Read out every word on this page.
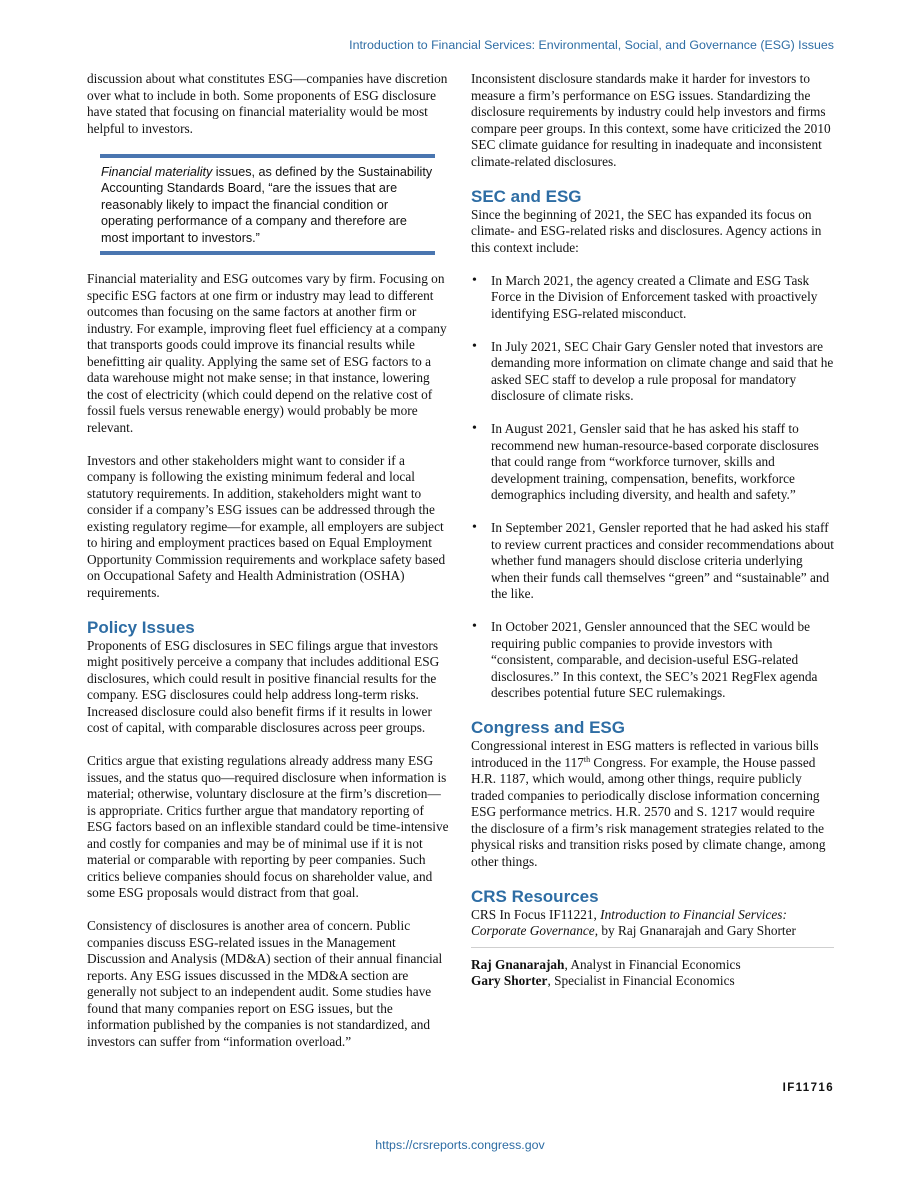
Introduction to Financial Services: Environmental, Social, and Governance (ESG) Issues

discussion about what constitutes ESG—companies have discretion over what to include in both. Some proponents of ESG disclosure have stated that focusing on financial materiality would be most helpful to investors.

Financial materiality issues, as defined by the Sustainability Accounting Standards Board, “are the issues that are reasonably likely to impact the financial condition or operating performance of a company and therefore are most important to investors.”

Financial materiality and ESG outcomes vary by firm. Focusing on specific ESG factors at one firm or industry may lead to different outcomes than focusing on the same factors at another firm or industry. For example, improving fleet fuel efficiency at a company that transports goods could improve its financial results while benefitting air quality. Applying the same set of ESG factors to a data warehouse might not make sense; in that instance, lowering the cost of electricity (which could depend on the relative cost of fossil fuels versus renewable energy) would probably be more relevant.

Investors and other stakeholders might want to consider if a company is following the existing minimum federal and local statutory requirements. In addition, stakeholders might want to consider if a company’s ESG issues can be addressed through the existing regulatory regime—for example, all employers are subject to hiring and employment practices based on Equal Employment Opportunity Commission requirements and workplace safety based on Occupational Safety and Health Administration (OSHA) requirements.

Policy Issues

Proponents of ESG disclosures in SEC filings argue that investors might positively perceive a company that includes additional ESG disclosures, which could result in positive financial results for the company. ESG disclosures could help address long-term risks. Increased disclosure could also benefit firms if it results in lower cost of capital, with comparable disclosures across peer groups.

Critics argue that existing regulations already address many ESG issues, and the status quo—required disclosure when information is material; otherwise, voluntary disclosure at the firm’s discretion—is appropriate. Critics further argue that mandatory reporting of ESG factors based on an inflexible standard could be time-intensive and costly for companies and may be of minimal use if it is not material or comparable with reporting by peer companies. Such critics believe companies should focus on shareholder value, and some ESG proposals would distract from that goal.

Consistency of disclosures is another area of concern. Public companies discuss ESG-related issues in the Management Discussion and Analysis (MD&A) section of their annual financial reports. Any ESG issues discussed in the MD&A section are generally not subject to an independent audit. Some studies have found that many companies report on ESG issues, but the information published by the companies is not standardized, and investors can suffer from “information overload.”

Inconsistent disclosure standards make it harder for investors to measure a firm’s performance on ESG issues. Standardizing the disclosure requirements by industry could help investors and firms compare peer groups. In this context, some have criticized the 2010 SEC climate guidance for resulting in inadequate and inconsistent climate-related disclosures.

SEC and ESG

Since the beginning of 2021, the SEC has expanded its focus on climate- and ESG-related risks and disclosures. Agency actions in this context include:

• In March 2021, the agency created a Climate and ESG Task Force in the Division of Enforcement tasked with proactively identifying ESG-related misconduct.
• In July 2021, SEC Chair Gary Gensler noted that investors are demanding more information on climate change and said that he asked SEC staff to develop a rule proposal for mandatory disclosure of climate risks.
• In August 2021, Gensler said that he has asked his staff to recommend new human-resource-based corporate disclosures that could range from “workforce turnover, skills and development training, compensation, benefits, workforce demographics including diversity, and health and safety.”
• In September 2021, Gensler reported that he had asked his staff to review current practices and consider recommendations about whether fund managers should disclose criteria underlying when their funds call themselves “green” and “sustainable” and the like.
• In October 2021, Gensler announced that the SEC would be requiring public companies to provide investors with “consistent, comparable, and decision-useful ESG-related disclosures.” In this context, the SEC’s 2021 RegFlex agenda describes potential future SEC rulemakings.
Congress and ESG

Congressional interest in ESG matters is reflected in various bills introduced in the 117th Congress. For example, the House passed H.R. 1187, which would, among other things, require publicly traded companies to periodically disclose information concerning ESG performance metrics. H.R. 2570 and S. 1217 would require the disclosure of a firm’s risk management strategies related to the physical risks and transition risks posed by climate change, among other things.

CRS Resources

CRS In Focus IF11221, Introduction to Financial Services: Corporate Governance, by Raj Gnanarajah and Gary Shorter

Raj Gnanarajah, Analyst in Financial Economics

Gary Shorter, Specialist in Financial Economics

IF11716
https://crsreports.congress.gov
